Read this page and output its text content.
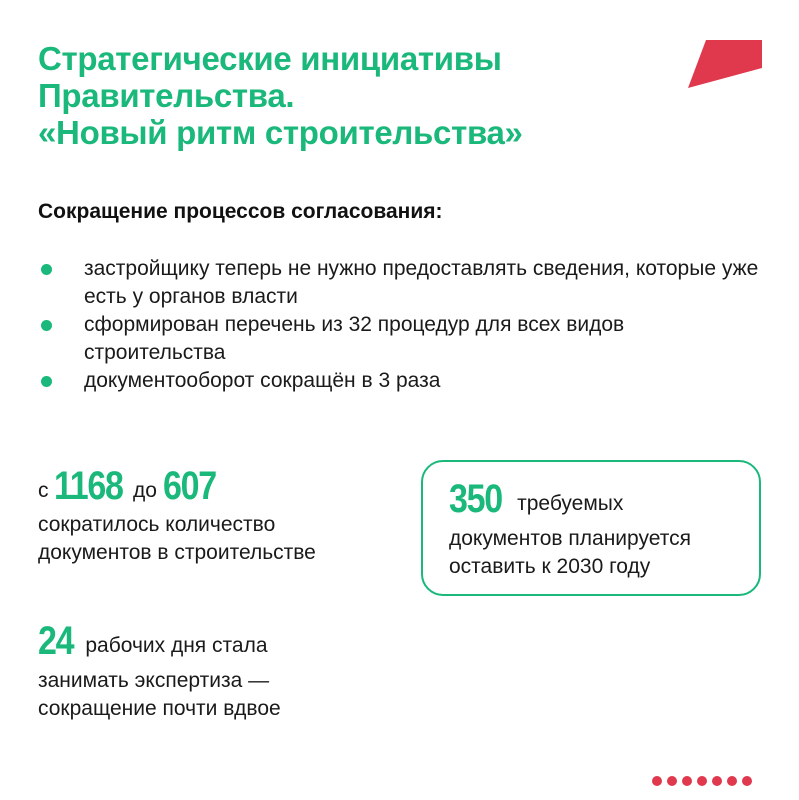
Стратегические инициативы
Правительства.
«Новый ритм строительства»
Сокращение процессов согласования:
застройщику теперь не нужно предоставлять сведения, которые уже есть у органов власти
сформирован перечень из 32 процедур для всех видов строительства
документооборот сокращён в 3 раза
с 1168 до 607
сократилось количество
документов в строительстве
350 требуемых
документов планируется
оставить к 2030 году
24 рабочих дня стала
занимать экспертиза —
сокращение почти вдвое
